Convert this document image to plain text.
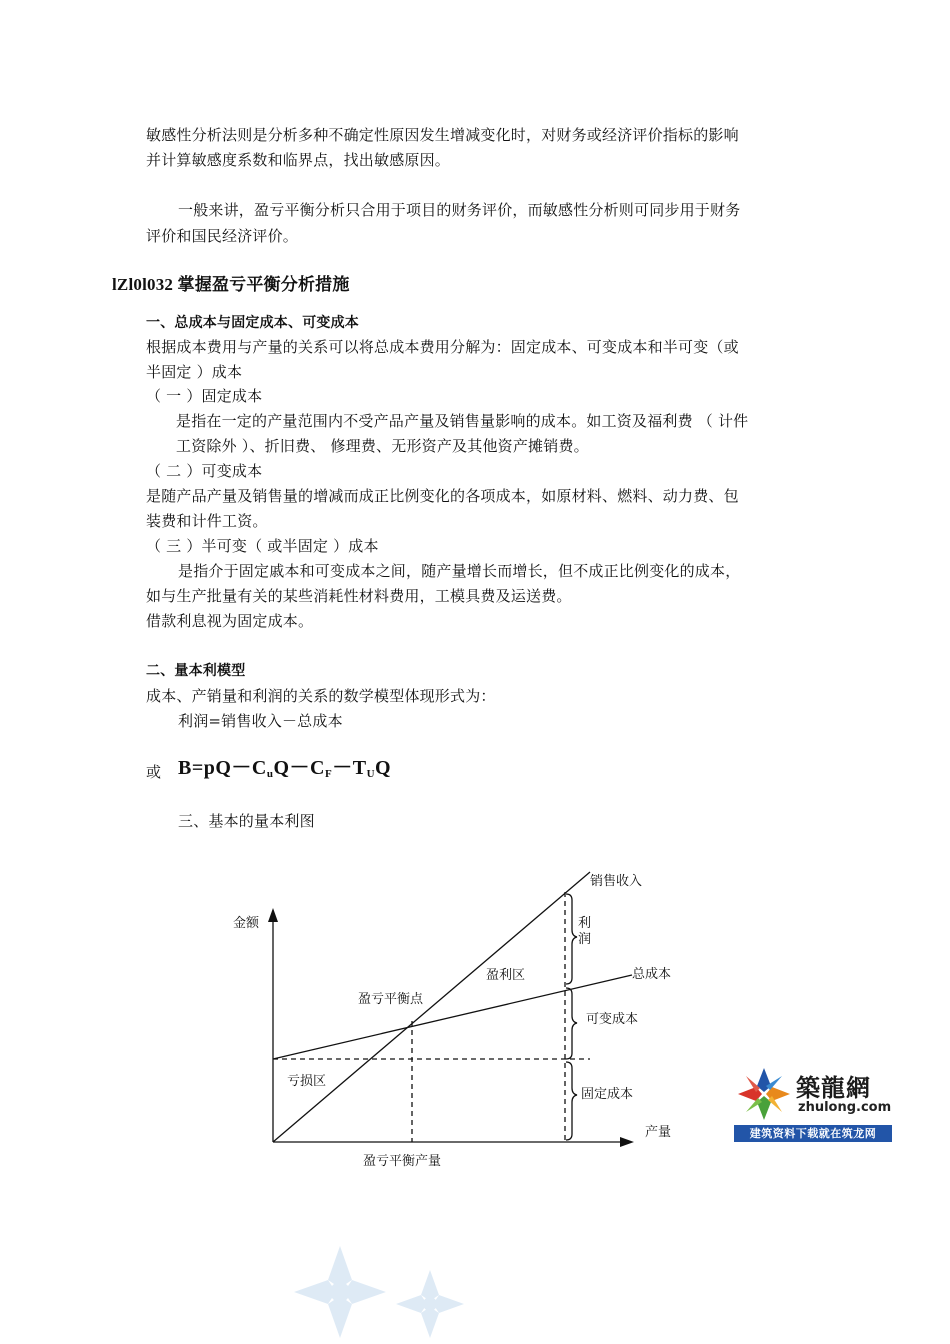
敏感性分析法则是分析多种不确定性原因发生增减变化时，对财务或经济评价指标的影响
并计算敏感度系数和临界点，找出敏感原因。
一般来讲，盈亏平衡分析只合用于项目的财务评价，而敏感性分析则可同步用于财务
评价和国民经济评价。
lZl0l032 掌握盈亏平衡分析措施
一、总成本与固定成本、可变成本
根据成本费用与产量的关系可以将总成本费用分解为：固定成本、可变成本和半可变（或
半固定 ）成本
（ 一 ）固定成本
是指在一定的产量范围内不受产品产量及销售量影响的成本。如工资及福利费 （ 计件
工资除外 ）、折旧费、 修理费、无形资产及其他资产摊销费。
（ 二 ）可变成本
是随产品产量及销售量的增减而成正比例变化的各项成本，如原材料、燃料、动力费、包
装费和计件工资。
（ 三 ）半可变（ 或半固定 ）成本
是指介于固定戚本和可变成本之间，随产量增长而增长，但不成正比例变化的成本，
如与生产批量有关的某些消耗性材料费用，工模具费及运送费。
借款利息视为固定成本。
二、量本利模型
成本、产销量和利润的关系的数学模型体现形式为：
利润=销售收入－总成本
或 $B=pQ-C_uQ-C_F-T_UQ$
三、基本的量本利图
金额
产量
销售收入
总成本
盈利区
盈亏平衡点
亏损区
盈亏平衡产量
利润
可变成本
固定成本	築龍網
zhulong.com
建筑资料下载就在筑龙网
